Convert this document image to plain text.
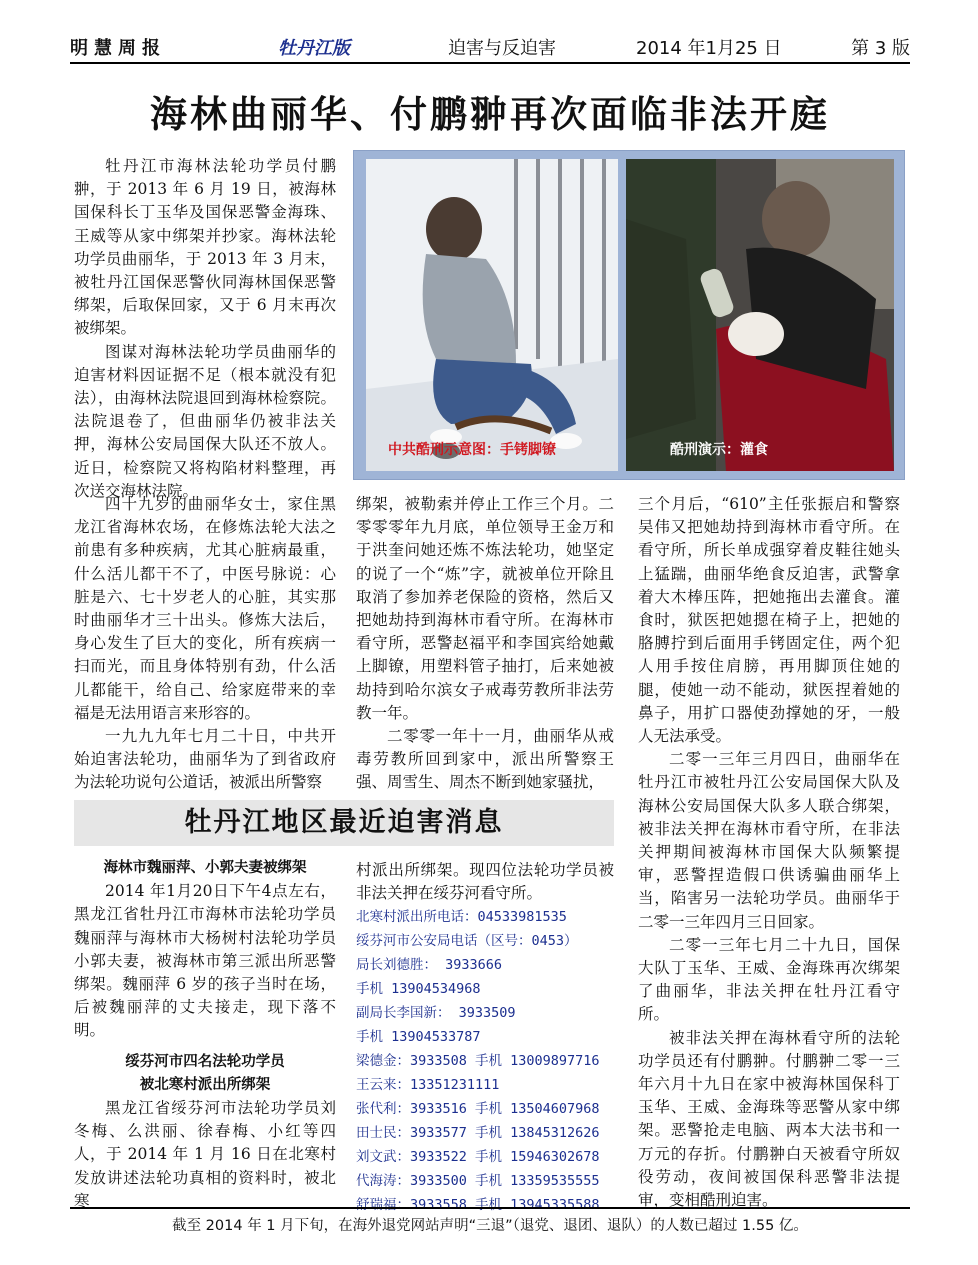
明慧周报	牡丹江版	迫害与反迫害	2014 年1月25 日	第 3 版
海林曲丽华、付鹏翀再次面临非法开庭

牡丹江市海林法轮功学员付鹏翀，于 2013 年 6 月 19 日，被海林国保科长丁玉华及国保恶警金海珠、王威等从家中绑架并抄家。海林法轮功学员曲丽华，于 2013 年 3 月末，被牡丹江国保恶警伙同海林国保恶警绑架，后取保回家，又于 6 月末再次被绑架。

图谋对海林法轮功学员曲丽华的迫害材料因证据不足（根本就没有犯法），由海林法院退回到海林检察院。法院退卷了，但曲丽华仍被非法关押，海林公安局国保大队还不放人。近日，检察院又将构陷材料整理，再次送交海林法院。

中共酷刑示意图：手铐脚镣	酷刑演示：灌食

四十九岁的曲丽华女士，家住黑龙江省海林农场，在修炼法轮大法之前患有多种疾病，尤其心脏病最重，什么活儿都干不了，中医号脉说：心脏是六、七十岁老人的心脏，其实那时曲丽华才三十出头。修炼大法后，身心发生了巨大的变化，所有疾病一扫而光，而且身体特别有劲，什么活儿都能干，给自己、给家庭带来的幸福是无法用语言来形容的。

一九九九年七月二十日，中共开始迫害法轮功，曲丽华为了到省政府为法轮功说句公道话，被派出所警察

绑架，被勒索并停止工作三个月。二零零零年九月底，单位领导王金万和于洪奎问她还炼不炼法轮功，她坚定的说了一个“炼”字，就被单位开除且取消了参加养老保险的资格，然后又把她劫持到海林市看守所。在海林市看守所，恶警赵福平和李国宾给她戴上脚镣，用塑料管子抽打，后来她被劫持到哈尔滨女子戒毒劳教所非法劳教一年。

二零零一年十一月，曲丽华从戒毒劳教所回到家中，派出所警察王强、周雪生、周杰不断到她家骚扰，

三个月后，“610”主任张振启和警察吴伟又把她劫持到海林市看守所。在看守所，所长单成强穿着皮鞋往她头上猛踹，曲丽华绝食反迫害，武警拿着大木棒压阵，把她拖出去灌食。灌食时，狱医把她摁在椅子上，把她的胳膊拧到后面用手铐固定住，两个犯人用手按住肩膀，再用脚顶住她的腿，使她一动不能动，狱医捏着她的鼻子，用扩口器使劲撑她的牙，一般人无法承受。

二零一三年三月四日，曲丽华在牡丹江市被牡丹江公安局国保大队及海林公安局国保大队多人联合绑架，被非法关押在海林市看守所，在非法关押期间被海林市国保大队频繁提审，恶警捏造假口供诱骗曲丽华上当，陷害另一法轮功学员。曲丽华于二零一三年四月三日回家。

二零一三年七月二十九日，国保大队丁玉华、王威、金海珠再次绑架了曲丽华，非法关押在牡丹江看守所。

被非法关押在海林看守所的法轮功学员还有付鹏翀。付鹏翀二零一三年六月十九日在家中被海林国保科丁玉华、王威、金海珠等恶警从家中绑架。恶警抢走电脑、两本大法书和一万元的存折。付鹏翀白天被看守所奴役劳动，夜间被国保科恶警非法提审，变相酷刑迫害。

牡丹江地区最近迫害消息

海林市魏丽萍、小郭夫妻被绑架

2014 年1月20日下午4点左右，黑龙江省牡丹江市海林市法轮功学员魏丽萍与海林市大杨树村法轮功学员小郭夫妻，被海林市第三派出所恶警绑架。魏丽萍 6 岁的孩子当时在场，后被魏丽萍的丈夫接走，现下落不明。

绥芬河市四名法轮功学员

被北寒村派出所绑架

黑龙江省绥芬河市法轮功学员刘冬梅、么洪丽、徐春梅、小红等四人，于 2014 年 1 月 16 日在北寒村发放讲述法轮功真相的资料时，被北寒

村派出所绑架。现四位法轮功学员被非法关押在绥芬河看守所。

北寒村派出所电话：04533981535
绥芬河市公安局电话（区号：0453）
局长刘德胜： 3933666
手机 13904534968
副局长李国新： 3933509
手机 13904533787
梁德金：3933508 手机 13009897716
王云来：13351231111
张代利：3933516 手机 13504607968
田士民：3933577 手机 13845312626
刘文武：3933522 手机 15946302678
代海涛：3933500 手机 13359535555
舒瑞福：3933558 手机 13945335588
截至 2014 年 1 月下旬，在海外退党网站声明“三退”（退党、退团、退队）的人数已超过 1.55 亿。
